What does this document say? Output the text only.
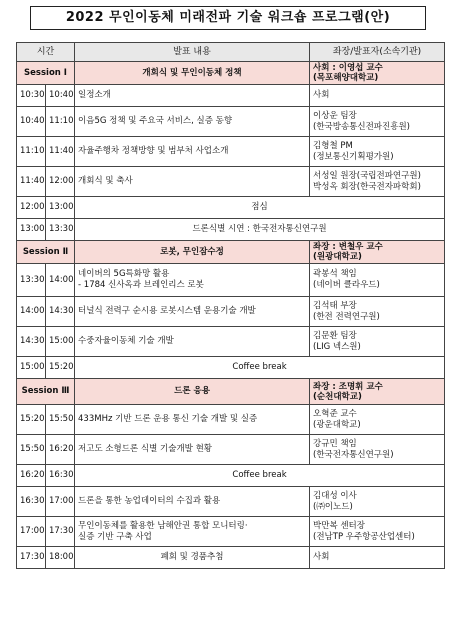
2022 무인이동체 미래전파 기술 워크숍 프로그램(안)
시간		발표 내용	좌장/발표자(소속기관)
Session Ⅰ		개회식 및 무인이동체 정책	사회 : 이영섭 교수
(목포해양대학교)
10:30	10:40	일정소개	사회
10:40	11:10	이음5G 정책 및 주요국 서비스, 실증 동향	이상운 팀장
(한국방송통신전파진흥원)
11:10	11:40	자율주행차 정책방향 및 범부처 사업소개	김형철 PM
(정보통신기획평가원)
11:40	12:00	개회식 및 축사	서성일 원장(국립전파연구원)
박성옥 회장(한국전자파학회)
12:00	13:00	점심	
13:00	13:30	드론식별 시연 : 한국전자통신연구원	
Session Ⅱ		로봇, 무인잠수정	좌장 : 변철우 교수
(원광대학교)
13:30	14:00	네이버의 5G특화망 활용
- 1784 신사옥과 브레인리스 로봇	곽봉석 책임
(네이버 클라우드)
14:00	14:30	터널식 전력구 순시용 로봇시스템 운용기술 개발	김석태 부장
(한전 전력연구원)
14:30	15:00	수중자율이동체 기술 개발	김문환 팀장
(LIG 넥스원)
15:00	15:20	Coffee break	
Session Ⅲ		드론 응용	좌장 : 조명휘 교수
(순천대학교)
15:20	15:50	433MHz 기반 드론 운용 통신 기술 개발 및 실증	오혁준 교수
(광운대학교)
15:50	16:20	저고도 소형드론 식별 기술개발 현황	강규민 책임
(한국전자통신연구원)
16:20	16:30	Coffee break	
16:30	17:00	드론을 통한 농업데이터의 수집과 활용	김대성 이사
(㈜이노드)
17:00	17:30	무인이동체를 활용한 남해안권 통합 모니터링·
실증 기반 구축 사업	박만복 센터장
(전남TP 우주항공산업센터)
17:30	18:00	폐회 및 경품추첨	사회
